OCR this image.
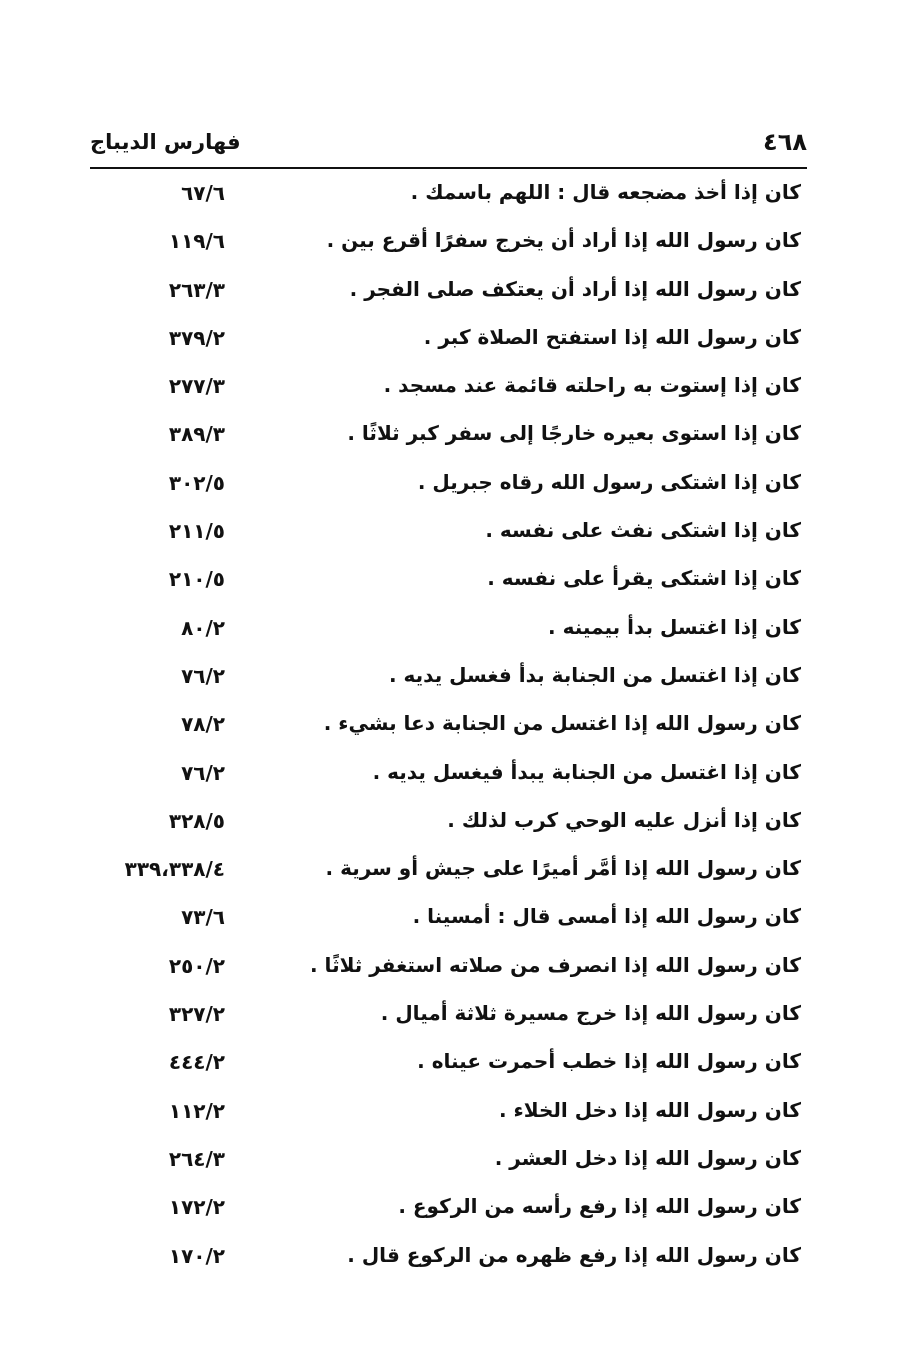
٤٦٨
فهارس الديباج
كان إذا أخذ مضجعه قال : اللهم باسمك .
٦٧/٦
كان رسول الله إذا أراد أن يخرج سفرًا أقرع بين .
١١٩/٦
كان رسول الله إذا أراد أن يعتكف صلى الفجر .
٢٦٣/٣
كان رسول الله إذا استفتح الصلاة كبر .
٣٧٩/٢
كان إذا إستوت به راحلته قائمة عند مسجد .
٢٧٧/٣
كان إذا استوى بعيره خارجًا إلى سفر كبر ثلاثًا .
٣٨٩/٣
كان إذا اشتكى رسول الله رقاه جبريل .
٣٠٢/٥
كان إذا اشتكى نفث على نفسه .
٢١١/٥
كان إذا اشتكى يقرأ على نفسه .
٢١٠/٥
كان إذا اغتسل بدأ بيمينه .
٨٠/٢
كان إذا اغتسل من الجنابة بدأ فغسل يديه .
٧٦/٢
كان رسول الله إذا اغتسل من الجنابة دعا بشيء .
٧٨/٢
كان إذا اغتسل من الجنابة يبدأ فيغسل يديه .
٧٦/٢
كان إذا أنزل عليه الوحي كرب لذلك .
٣٢٨/٥
كان رسول الله إذا أمَّر أميرًا على جيش أو سرية .
٣٣٩،٣٣٨/٤
كان رسول الله إذا أمسى قال : أمسينا .
٧٣/٦
كان رسول الله إذا انصرف من صلاته استغفر ثلاثًا .
٢٥٠/٢
كان رسول الله إذا خرج مسيرة ثلاثة أميال .
٣٢٧/٢
كان رسول الله إذا خطب أحمرت عيناه .
٤٤٤/٢
كان رسول الله إذا دخل الخلاء .
١١٢/٢
كان رسول الله إذا دخل العشر .
٢٦٤/٣
كان رسول الله إذا رفع رأسه من الركوع .
١٧٢/٢
كان رسول الله إذا رفع ظهره من الركوع قال .
١٧٠/٢
